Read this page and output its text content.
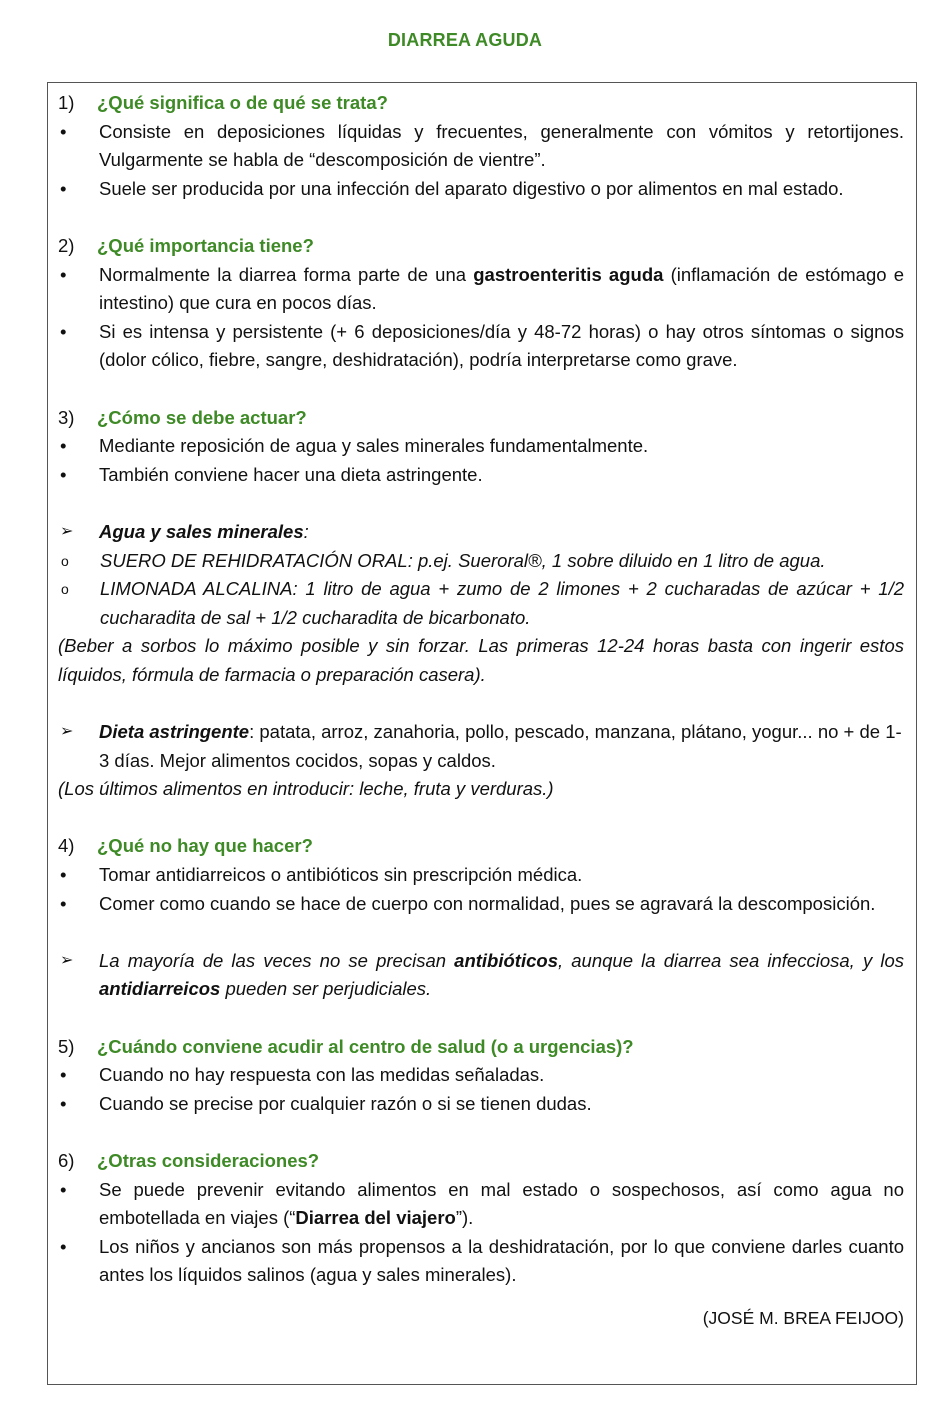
DIARREA AGUDA
1)	¿Qué significa o de qué se trata?
•	Consiste en deposiciones líquidas y frecuentes, generalmente con vómitos y retortijones. Vulgarmente se habla de “descomposición de vientre”.
•	Suele ser producida por una infección del aparato digestivo o por alimentos en mal estado.
2)	¿Qué importancia tiene?
•	Normalmente la diarrea forma parte de una gastroenteritis aguda (inflamación de estómago e intestino) que cura en pocos días.
•	Si es intensa y persistente (+ 6 deposiciones/día y 48-72 horas) o hay otros síntomas o signos (dolor cólico, fiebre, sangre, deshidratación), podría interpretarse como grave.
3)	¿Cómo se debe actuar?
•	Mediante reposición de agua y sales minerales fundamentalmente.
•	También conviene hacer una dieta astringente.
➢	Agua y sales minerales:
o	SUERO DE REHIDRATACIÓN ORAL: p.ej. Sueroral®, 1 sobre diluido en 1 litro de agua.
o	LIMONADA ALCALINA: 1 litro de agua + zumo de 2 limones + 2 cucharadas de azúcar + 1/2 cucharadita de sal + 1/2 cucharadita de bicarbonato.
(Beber a sorbos lo máximo posible y sin forzar. Las primeras 12-24 horas basta con ingerir estos líquidos, fórmula de farmacia o preparación casera).
➢	Dieta astringente: patata, arroz, zanahoria, pollo, pescado, manzana, plátano, yogur... no + de 1-3 días. Mejor alimentos cocidos, sopas y caldos.
(Los últimos alimentos en introducir: leche, fruta y verduras.)
4)	¿Qué no hay que hacer?
•	Tomar antidiarreicos o antibióticos sin prescripción médica.
•	Comer como cuando se hace de cuerpo con normalidad, pues se agravará la descomposición.
➢	La mayoría de las veces no se precisan antibióticos, aunque la diarrea sea infecciosa, y los antidiarreicos pueden ser perjudiciales.
5)	¿Cuándo conviene acudir al centro de salud (o a urgencias)?
•	Cuando no hay respuesta con las medidas señaladas.
•	Cuando se precise por cualquier razón o si se tienen dudas.
6)	¿Otras consideraciones?
•	Se puede prevenir evitando alimentos en mal estado o sospechosos, así como agua no embotellada en viajes (“Diarrea del viajero”).
•	Los niños y ancianos son más propensos a la deshidratación, por lo que conviene darles cuanto antes los líquidos salinos (agua y sales minerales).
(JOSÉ M. BREA FEIJOO)
